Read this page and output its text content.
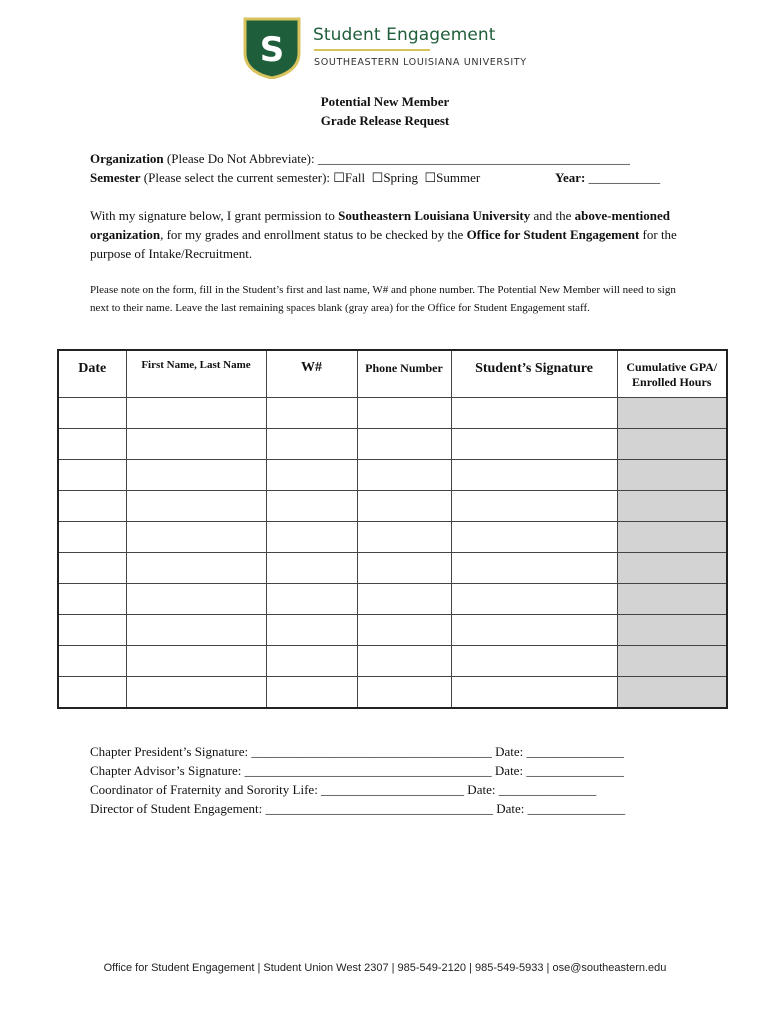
S Student Engagement
SOUTHEASTERN LOUISIANA UNIVERSITY
Potential New Member
Grade Release Request
Organization (Please Do Not Abbreviate): ________________________________________________
Semester (Please select the current semester): ☐Fall ☐Spring ☐Summer	Year: ___________
With my signature below, I grant permission to Southeastern Louisiana University and the above-mentioned organization, for my grades and enrollment status to be checked by the Office for Student Engagement for the purpose of Intake/Recruitment.
Please note on the form, fill in the Student’s first and last name, W# and phone number. The Potential New Member will need to sign next to their name. Leave the last remaining spaces blank (gray area) for the Office for Student Engagement staff.
Date	First Name, Last Name	W#	Phone Number	Student’s Signature	Cumulative GPA/ Enrolled Hours

Chapter President’s Signature: _____________________________________ Date: _______________
Chapter Advisor’s Signature: ______________________________________ Date: _______________
Coordinator of Fraternity and Sorority Life: ______________________ Date: _______________
Director of Student Engagement: ___________________________________ Date: _______________
Office for Student Engagement | Student Union West 2307 | 985-549-2120 | 985-549-5933 | ose@southeastern.edu
